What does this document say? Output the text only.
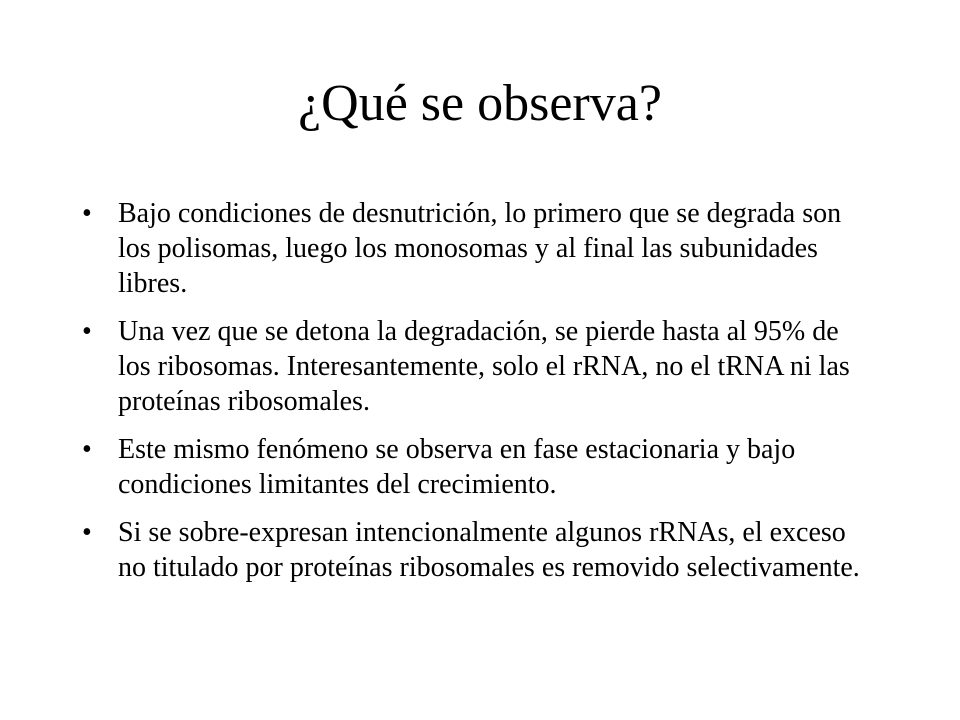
¿Qué se observa?
• Bajo condiciones de desnutrición, lo primero que se degrada son los polisomas, luego los monosomas y al final las subunidades libres.
• Una vez que se detona la degradación, se pierde hasta al 95% de los ribosomas. Interesantemente, solo el rRNA, no el tRNA ni las proteínas ribosomales.
• Este mismo fenómeno se observa en fase estacionaria y bajo condiciones limitantes del crecimiento.
• Si se sobre-expresan intencionalmente algunos rRNAs, el exceso no titulado por proteínas ribosomales es removido selectivamente.
